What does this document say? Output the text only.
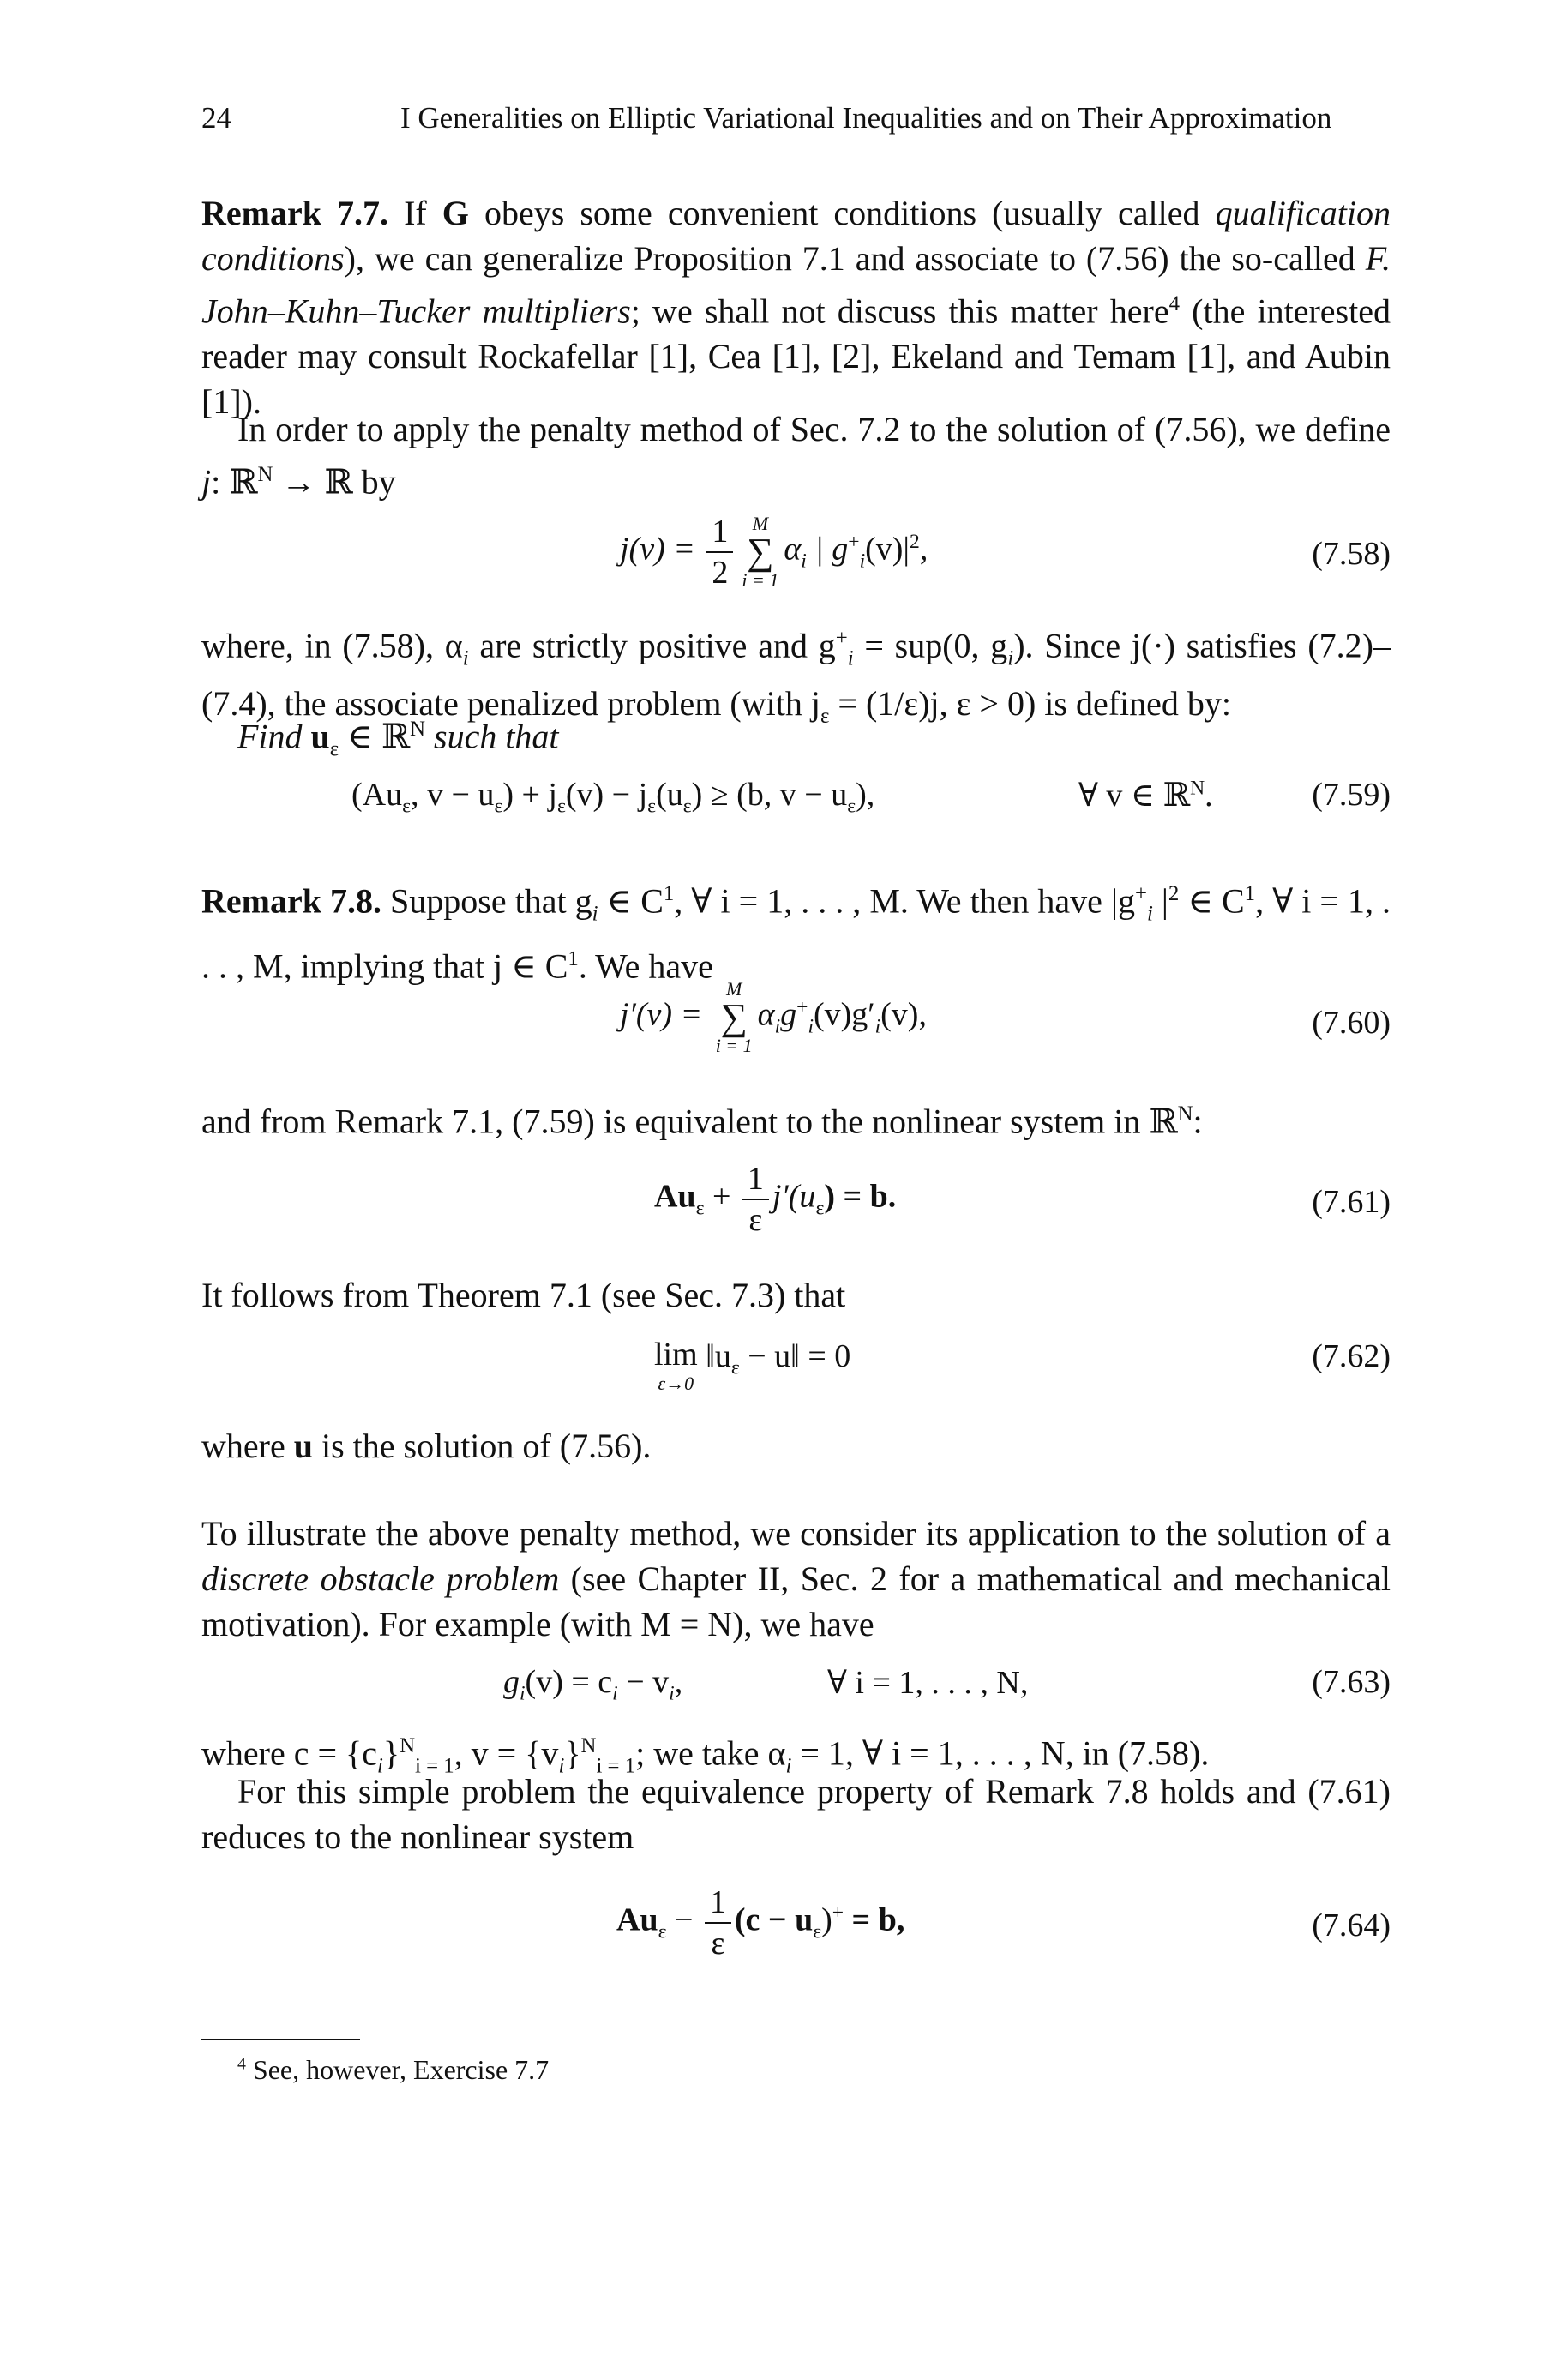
24	I Generalities on Elliptic Variational Inequalities and on Their Approximation
Remark 7.7. If G obeys some convenient conditions (usually called qualification conditions), we can generalize Proposition 7.1 and associate to (7.56) the so-called F. John–Kuhn–Tucker multipliers; we shall not discuss this matter here$^4$ (the interested reader may consult Rockafellar [1], Cea [1], [2], Ekeland and Temam [1], and Aubin [1]).
In order to apply the penalty method of Sec. 7.2 to the solution of (7.56), we define j: ℝ$^N$ → ℝ by
$j(v) = \frac{1}{2}$	M
∑
i = 1
$\alpha_i$ | $g^+_i(v)|^2$,	(7.58)
where, in (7.58), $\alpha_i$ are strictly positive and $g^+_i = sup(0$, $g_i$). Since j(·) satisfies (7.2)–(7.4), the associate penalized problem (with $j_\varepsilon = (1/\varepsilon)j$, ε > 0) is defined by:
Find $u_\varepsilon$ ∈ ℝ$^N$ such that
($Au_\varepsilon$, $v - u_\varepsilon) + j_\varepsilon(v) - j_\varepsilon(u_\varepsilon) \ge (b$, $v - u_\varepsilon$),	∀ v ∈ ℝ$^N$.	(7.59)
Remark 7.8. Suppose that $g_i$ ∈ $C^1$, ∀ i = 1, . . . , M. We then have $|g^+_i$ $|^2$ ∈ $C^1$, ∀ i = 1, . . . , M, implying that j ∈ $C^1$. We have
j′(v) =
M
∑
i = 1
$\alpha_ig^+_i(v)g'_i(v)$,	(7.60)
and from Remark 7.1, (7.59) is equivalent to the nonlinear system in ℝ$^N$:
$Au_\varepsilon + \frac{1}{\varepsilon} j'(u_\varepsilon) = b$.	(7.61)
It follows from Theorem 7.1 (see Sec. 7.3) that
lim
ε→0
$‖u_\varepsilon$ − u‖ = 0	(7.62)
where u is the solution of (7.56).
To illustrate the above penalty method, we consider its application to the solution of a discrete obstacle problem (see Chapter II, Sec. 2 for a mathematical and mechanical motivation). For example (with M = N), we have
$g_i(v) = c_i - v_i$,	∀ i = 1, . . . , N,	(7.63)
where $c = \{c_i\}^N_{i = 1}$, $v = \{v_i\}^N_{i = 1}$; we take $\alpha_i = 1$, ∀ i = 1, . . . , N, in (7.58).
For this simple problem the equivalence property of Remark 7.8 holds and (7.61) reduces to the nonlinear system
$Au_\varepsilon - \frac{1}{\varepsilon} (c - u_\varepsilon)^+ = b$,	(7.64)
$^4$ See, however, Exercise 7.7
